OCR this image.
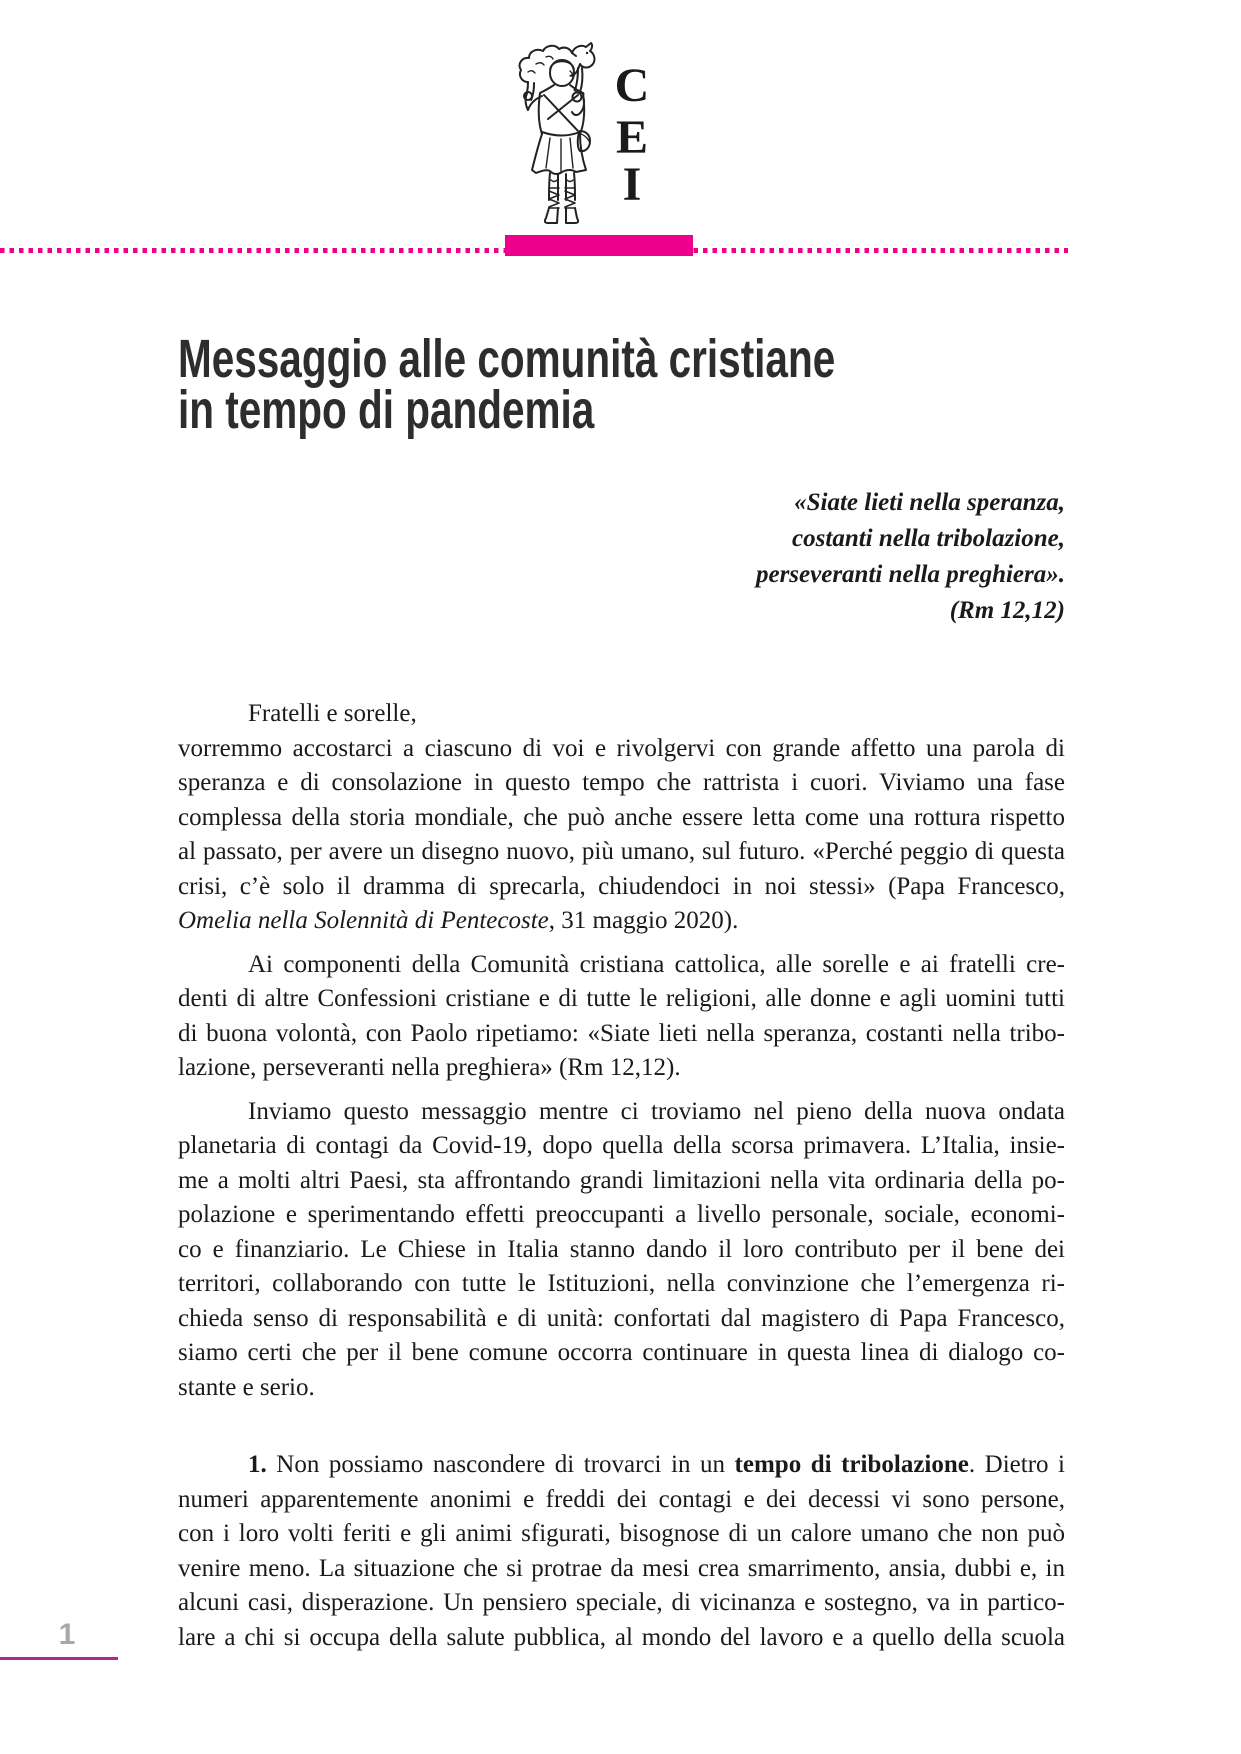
C
E
I
Messaggio alle comunità cristiane
in tempo di pandemia
«Siate lieti nella speranza,
costanti nella tribolazione,
perseveranti nella preghiera».
(Rm 12,12)
Fratelli e sorelle,
vorremmo accostarci a ciascuno di voi e rivolgervi con grande affetto una parola di
speranza e di consolazione in questo tempo che rattrista i cuori. Viviamo una fase
complessa della storia mondiale, che può anche essere letta come una rottura rispetto
al passato, per avere un disegno nuovo, più umano, sul futuro. «Perché peggio di questa
crisi, c’è solo il dramma di sprecarla, chiudendoci in noi stessi» (Papa Francesco,
Omelia nella Solennità di Pentecoste, 31 maggio 2020).
Ai componenti della Comunità cristiana cattolica, alle sorelle e ai fratelli cre-
denti di altre Confessioni cristiane e di tutte le religioni, alle donne e agli uomini tutti
di buona volontà, con Paolo ripetiamo: «Siate lieti nella speranza, costanti nella tribo-
lazione, perseveranti nella preghiera» (Rm 12,12).
Inviamo questo messaggio mentre ci troviamo nel pieno della nuova ondata
planetaria di contagi da Covid-19, dopo quella della scorsa primavera. L’Italia, insie-
me a molti altri Paesi, sta affrontando grandi limitazioni nella vita ordinaria della po-
polazione e sperimentando effetti preoccupanti a livello personale, sociale, economi-
co e finanziario. Le Chiese in Italia stanno dando il loro contributo per il bene dei
territori, collaborando con tutte le Istituzioni, nella convinzione che l’emergenza ri-
chieda senso di responsabilità e di unità: confortati dal magistero di Papa Francesco,
siamo certi che per il bene comune occorra continuare in questa linea di dialogo co-
stante e serio.
1. Non possiamo nascondere di trovarci in un tempo di tribolazione. Dietro i
numeri apparentemente anonimi e freddi dei contagi e dei decessi vi sono persone,
con i loro volti feriti e gli animi sfigurati, bisognose di un calore umano che non può
venire meno. La situazione che si protrae da mesi crea smarrimento, ansia, dubbi e, in
alcuni casi, disperazione. Un pensiero speciale, di vicinanza e sostegno, va in partico-
lare a chi si occupa della salute pubblica, al mondo del lavoro e a quello della scuola
1
